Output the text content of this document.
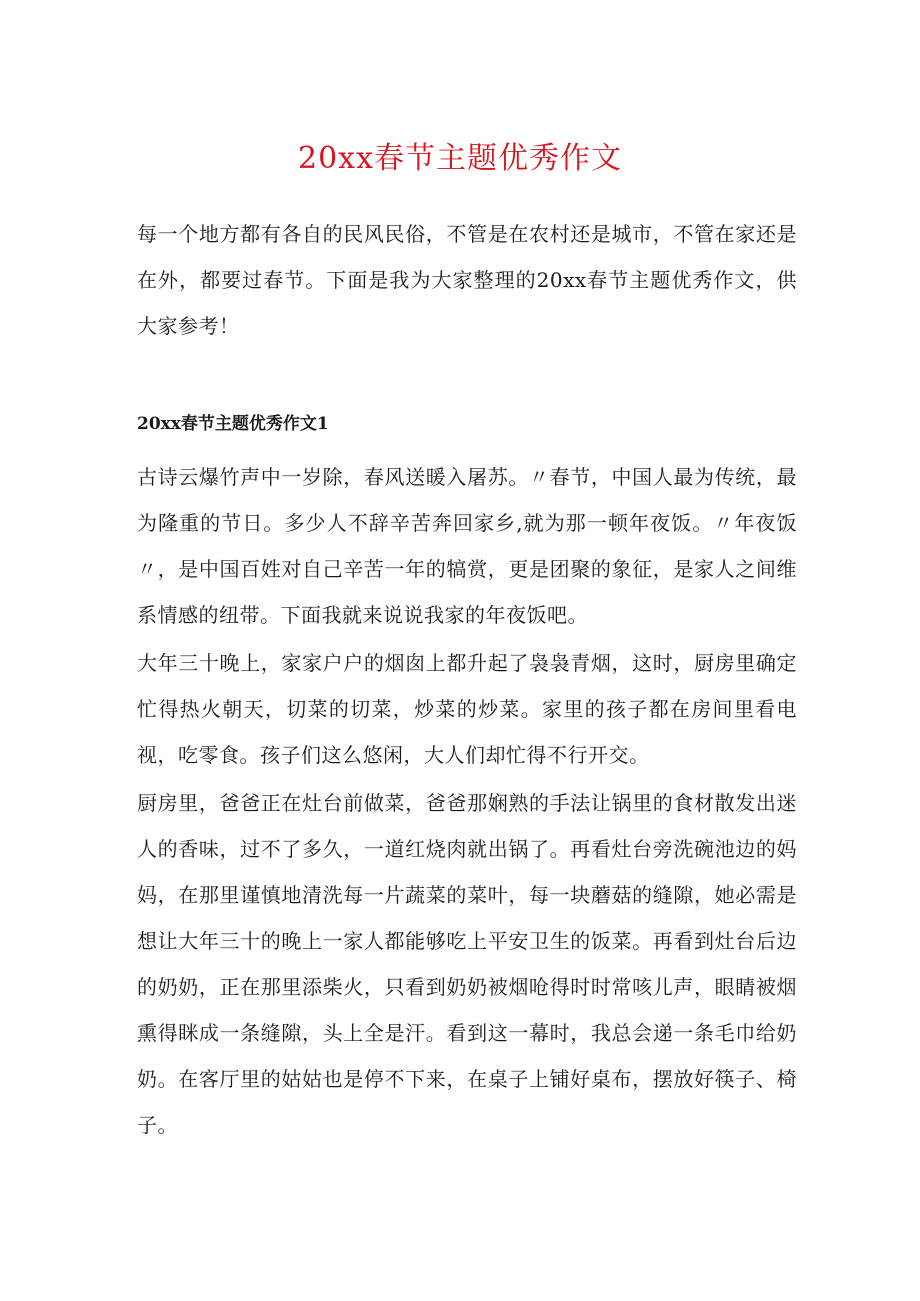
20xx春节主题优秀作文
每一个地方都有各自的民风民俗，不管是在农村还是城市，不管在家还是在外，都要过春节。下面是我为大家整理的20xx春节主题优秀作文，供大家参考！
20xx春节主题优秀作文1
古诗云爆竹声中一岁除，春风送暖入屠苏。〃春节，中国人最为传统，最为隆重的节日。多少人不辞辛苦奔回家乡,就为那一顿年夜饭。〃年夜饭〃，是中国百姓对自己辛苦一年的犒赏，更是团聚的象征，是家人之间维系情感的纽带。下面我就来说说我家的年夜饭吧。
大年三十晚上，家家户户的烟囱上都升起了袅袅青烟，这时，厨房里确定忙得热火朝天，切菜的切菜，炒菜的炒菜。家里的孩子都在房间里看电视，吃零食。孩子们这么悠闲，大人们却忙得不行开交。
厨房里，爸爸正在灶台前做菜，爸爸那娴熟的手法让锅里的食材散发出迷人的香味，过不了多久，一道红烧肉就出锅了。再看灶台旁洗碗池边的妈妈，在那里谨慎地清洗每一片蔬菜的菜叶，每一块蘑菇的缝隙，她必需是想让大年三十的晚上一家人都能够吃上平安卫生的饭菜。再看到灶台后边的奶奶，正在那里添柴火，只看到奶奶被烟呛得时时常咳儿声，眼睛被烟熏得眯成一条缝隙，头上全是汗。看到这一幕时，我总会递一条毛巾给奶奶。在客厅里的姑姑也是停不下来，在桌子上铺好桌布，摆放好筷子、椅子。
